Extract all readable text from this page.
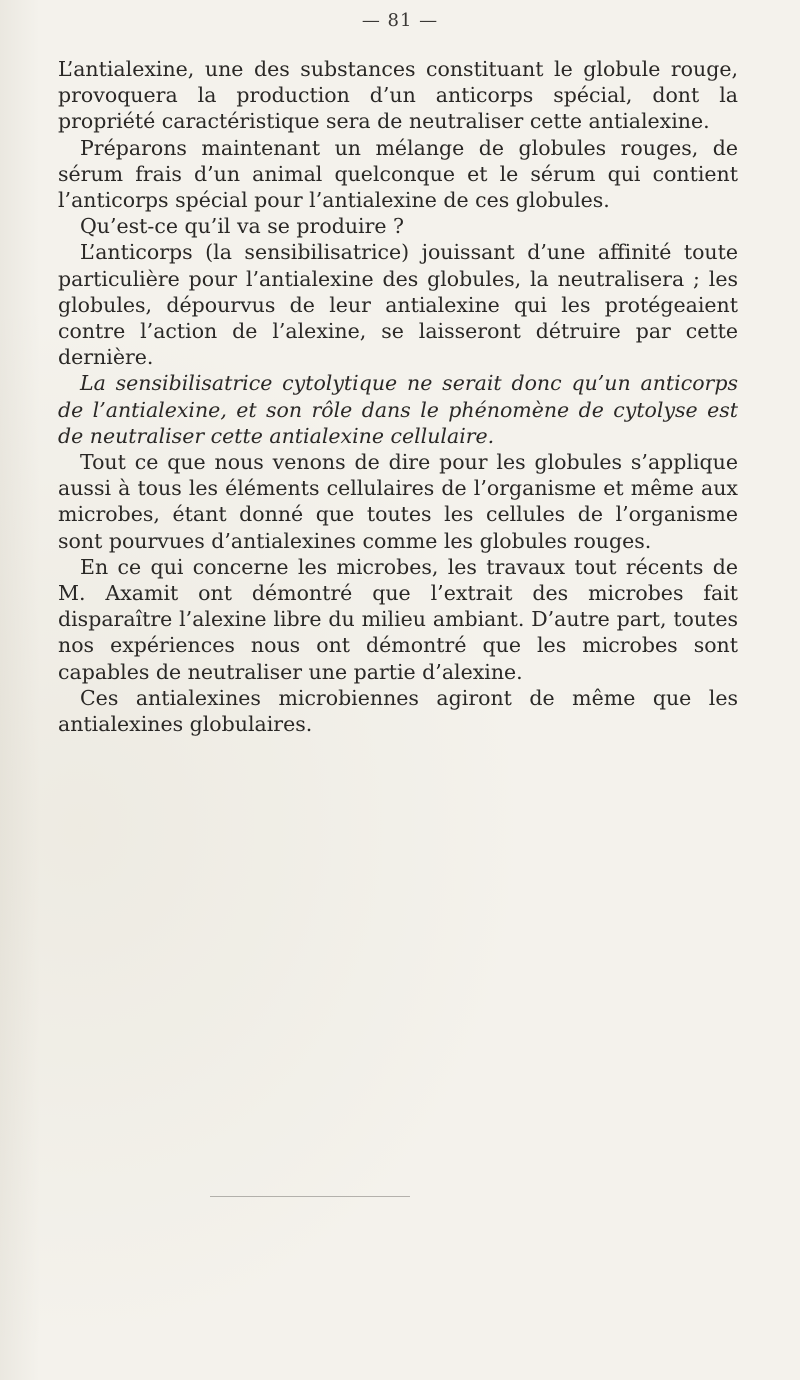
— 81 —

L’antialexine, une des substances constituant le globule rouge, provoquera la production d’un anticorps spécial, dont la propriété caractéristique sera de neutraliser cette antialexine.

Préparons maintenant un mélange de globules rouges, de sérum frais d’un animal quelconque et le sérum qui contient l’anticorps spécial pour l’antialexine de ces globules.

Qu’est-ce qu’il va se produire ?

L’anticorps (la sensibilisatrice) jouissant d’une affinité toute particulière pour l’antialexine des globules, la neutralisera ; les globules, dépourvus de leur antialexine qui les protégeaient contre l’action de l’alexine, se laisseront détruire par cette dernière.

La sensibilisatrice cytolytique ne serait donc qu’un anticorps de l’antialexine, et son rôle dans le phénomène de cytolyse est de neutraliser cette antialexine cellulaire.

Tout ce que nous venons de dire pour les globules s’applique aussi à tous les éléments cellulaires de l’organisme et même aux microbes, étant donné que toutes les cellules de l’organisme sont pourvues d’antialexines comme les globules rouges.

En ce qui concerne les microbes, les travaux tout récents de M. Axamit ont démontré que l’extrait des microbes fait disparaître l’alexine libre du milieu ambiant. D’autre part, toutes nos expériences nous ont démontré que les microbes sont capables de neutraliser une partie d’alexine.

Ces antialexines microbiennes agiront de même que les antialexines globulaires.
